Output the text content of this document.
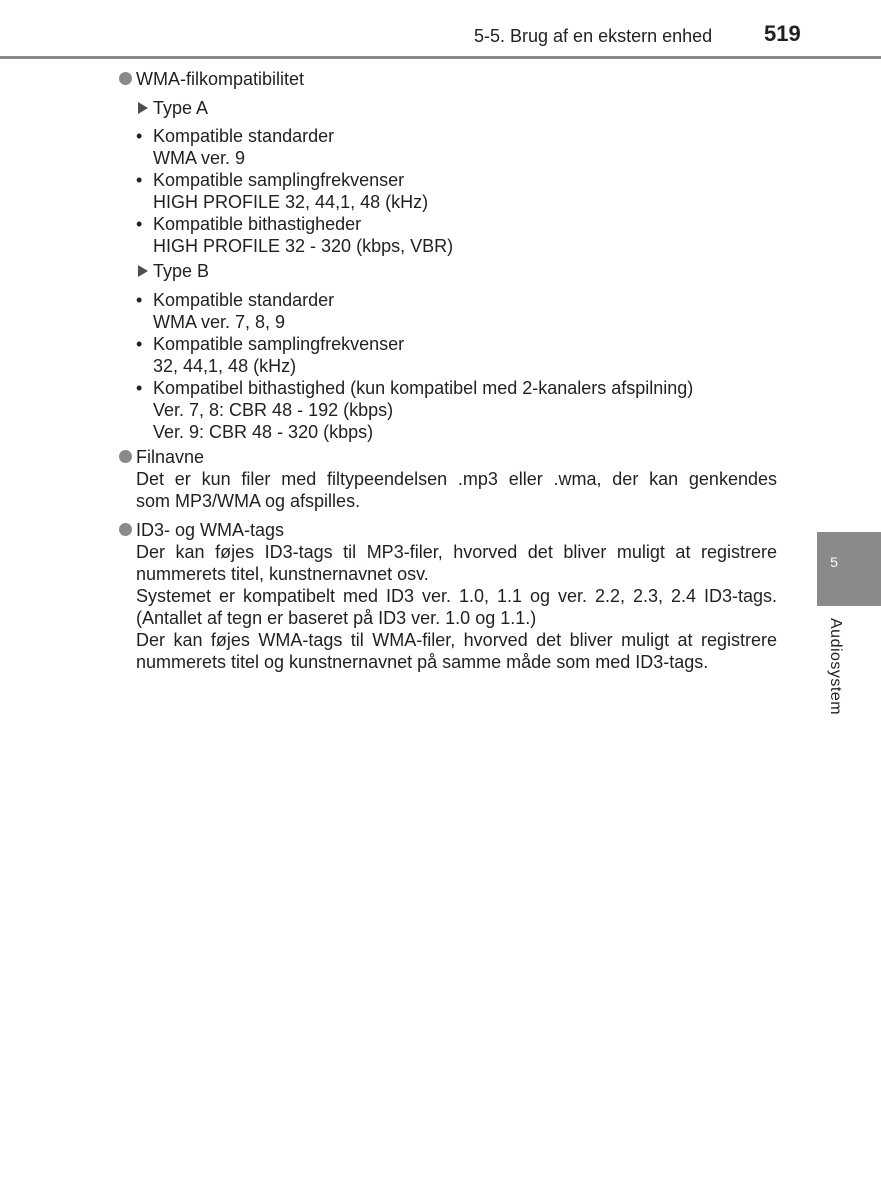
5-5. Brug af en ekstern enhed 519
WMA-filkompatibilitet
Type A
• Kompatible standarder
WMA ver. 9
• Kompatible samplingfrekvenser
HIGH PROFILE 32, 44,1, 48 (kHz)
• Kompatible bithastigheder
HIGH PROFILE 32 - 320 (kbps, VBR)
Type B
• Kompatible standarder
WMA ver. 7, 8, 9
• Kompatible samplingfrekvenser
32, 44,1, 48 (kHz)
• Kompatibel bithastighed (kun kompatibel med 2-kanalers afspilning)
Ver. 7, 8: CBR 48 - 192 (kbps)
Ver. 9: CBR 48 - 320 (kbps)
Filnavne
Det er kun filer med filtypeendelsen .mp3 eller .wma, der kan genkendes
som MP3/WMA og afspilles.
ID3- og WMA-tags
Der kan føjes ID3-tags til MP3-filer, hvorved det bliver muligt at registrere
nummerets titel, kunstnernavnet osv.
Systemet er kompatibelt med ID3 ver. 1.0, 1.1 og ver. 2.2, 2.3, 2.4 ID3-tags.
(Antallet af tegn er baseret på ID3 ver. 1.0 og 1.1.)
Der kan føjes WMA-tags til WMA-filer, hvorved det bliver muligt at registrere
nummerets titel og kunstnernavnet på samme måde som med ID3-tags.
5
Audiosystem
